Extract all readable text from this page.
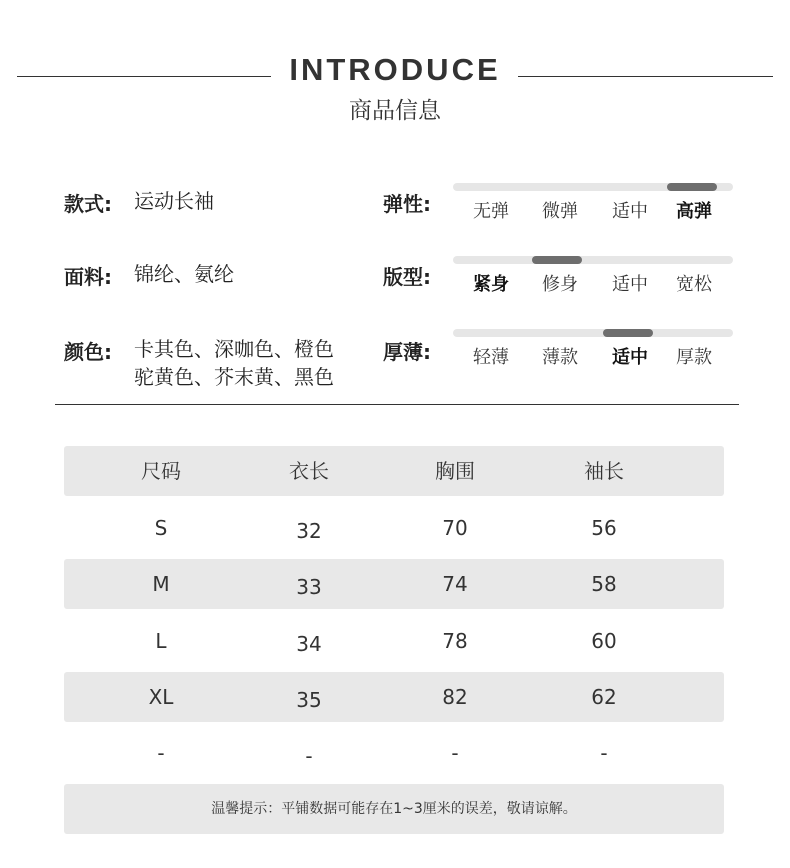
INTRODUCE
商品信息
款式: 运动长袖
面料: 锦纶、氨纶
颜色: 卡其色、深咖色、橙色
驼黄色、芥末黄、黑色
弹性:	无弹	微弹	适中	高弹
版型:	紧身	修身	适中	宽松
厚薄:	轻薄	薄款	适中	厚款
尺码	衣长	胸围	袖长
S	32	70	56
M	33	74	58
L	34	78	60
XL	35	82	62
-	-	-	-
温馨提示：平铺数据可能存在1~3厘米的误差，敬请谅解。
